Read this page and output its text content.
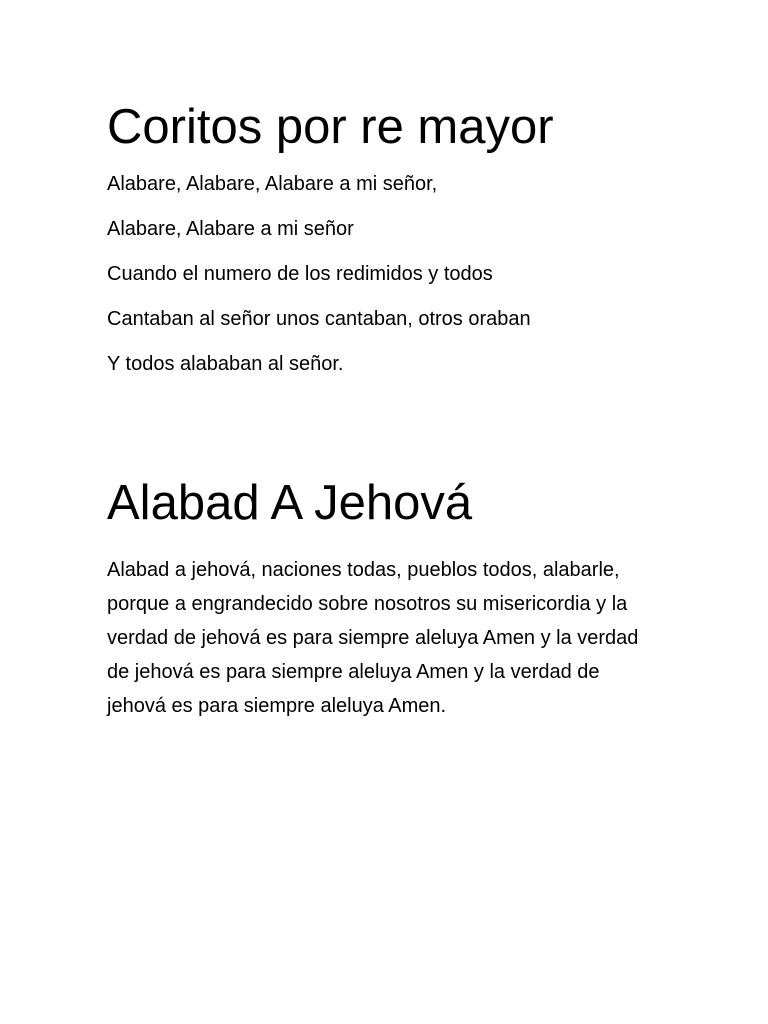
Coritos por re mayor

Alabare, Alabare, Alabare a mi señor,

Alabare, Alabare a mi señor

Cuando el numero de los redimidos y todos

Cantaban al señor unos cantaban, otros oraban

Y todos alababan al señor.

Alabad A Jehová

Alabad a jehová, naciones todas, pueblos todos, alabarle, porque a engrandecido sobre nosotros su misericordia y la verdad de jehová es para siempre aleluya Amen y la verdad de jehová es para siempre aleluya Amen y la verdad de jehová es para siempre aleluya Amen.
